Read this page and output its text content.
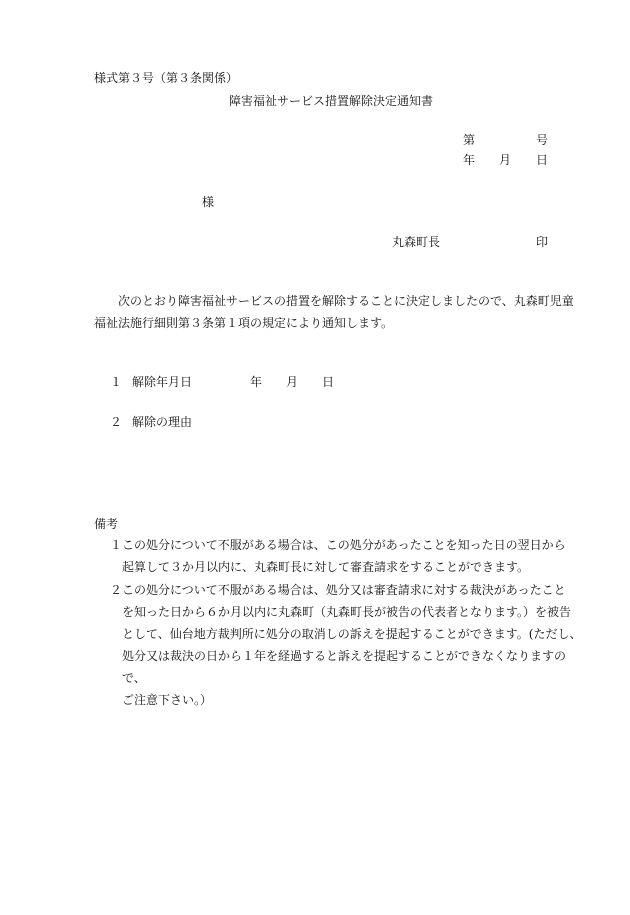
様式第３号（第３条関係）
障害福祉サービス措置解除決定通知書
第	号
年 月 日
様
丸森町長	印
次のとおり障害福祉サービスの措置を解除することに決定しましたので、丸森町児童
福祉法施行細則第３条第１項の規定により通知します。
１ 解除年月日	年 月 日
２ 解除の理由
備考
１ この処分について不服がある場合は、この処分があったことを知った日の翌日から
起算して３か月以内に、丸森町長に対して審査請求をすることができます。
２ この処分について不服がある場合は、処分又は審査請求に対する裁決があったこと
を知った日から６か月以内に丸森町（丸森町長が被告の代表者となります。）を被告
として、仙台地方裁判所に処分の取消しの訴えを提起することができます。(ただし、
処分又は裁決の日から１年を経過すると訴えを提起することができなくなりますので、
ご注意下さい。）
